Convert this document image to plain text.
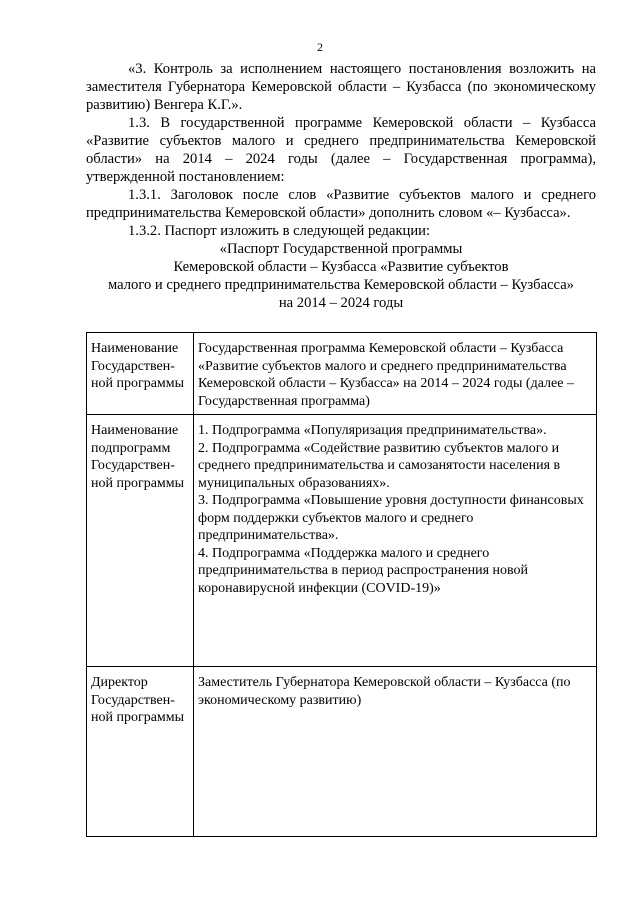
2

«3. Контроль за исполнением настоящего постановления возложить на заместителя Губернатора Кемеровской области – Кузбасса (по экономическому развитию) Венгера К.Г.».

1.3. В государственной программе Кемеровской области – Кузбасса «Развитие субъектов малого и среднего предпринимательства Кемеровской области» на 2014 – 2024 годы (далее – Государственная программа), утвержденной постановлением:

1.3.1. Заголовок после слов «Развитие субъектов малого и среднего предпринимательства Кемеровской области» дополнить словом «– Кузбасса».

1.3.2. Паспорт изложить в следующей редакции:

«Паспорт Государственной программы

Кемеровской области – Кузбасса «Развитие субъектов

малого и среднего предпринимательства Кемеровской области – Кузбасса»

на 2014 – 2024 годы

Наименование Государственной программы	Государственная программа Кемеровской области – Кузбасса «Развитие субъектов малого и среднего предпринимательства Кемеровской области – Кузбасса» на 2014 – 2024 годы (далее – Государственная программа)

Наименование подпрограмм Государственной программы	1. Подпрограмма «Популяризация предпринимательства».

2. Подпрограмма «Содействие развитию субъектов малого и среднего предпринимательства и самозанятости населения в муниципальных образованиях».

3. Подпрограмма «Повышение уровня доступности финансовых форм поддержки субъектов малого и среднего предпринимательства».

4. Подпрограмма «Поддержка малого и среднего предпринимательства в период распространения новой коронавирусной инфекции (COVID-19)»

Директор Государственной программы	Заместитель Губернатора Кемеровской области – Кузбасса (по экономическому развитию)
